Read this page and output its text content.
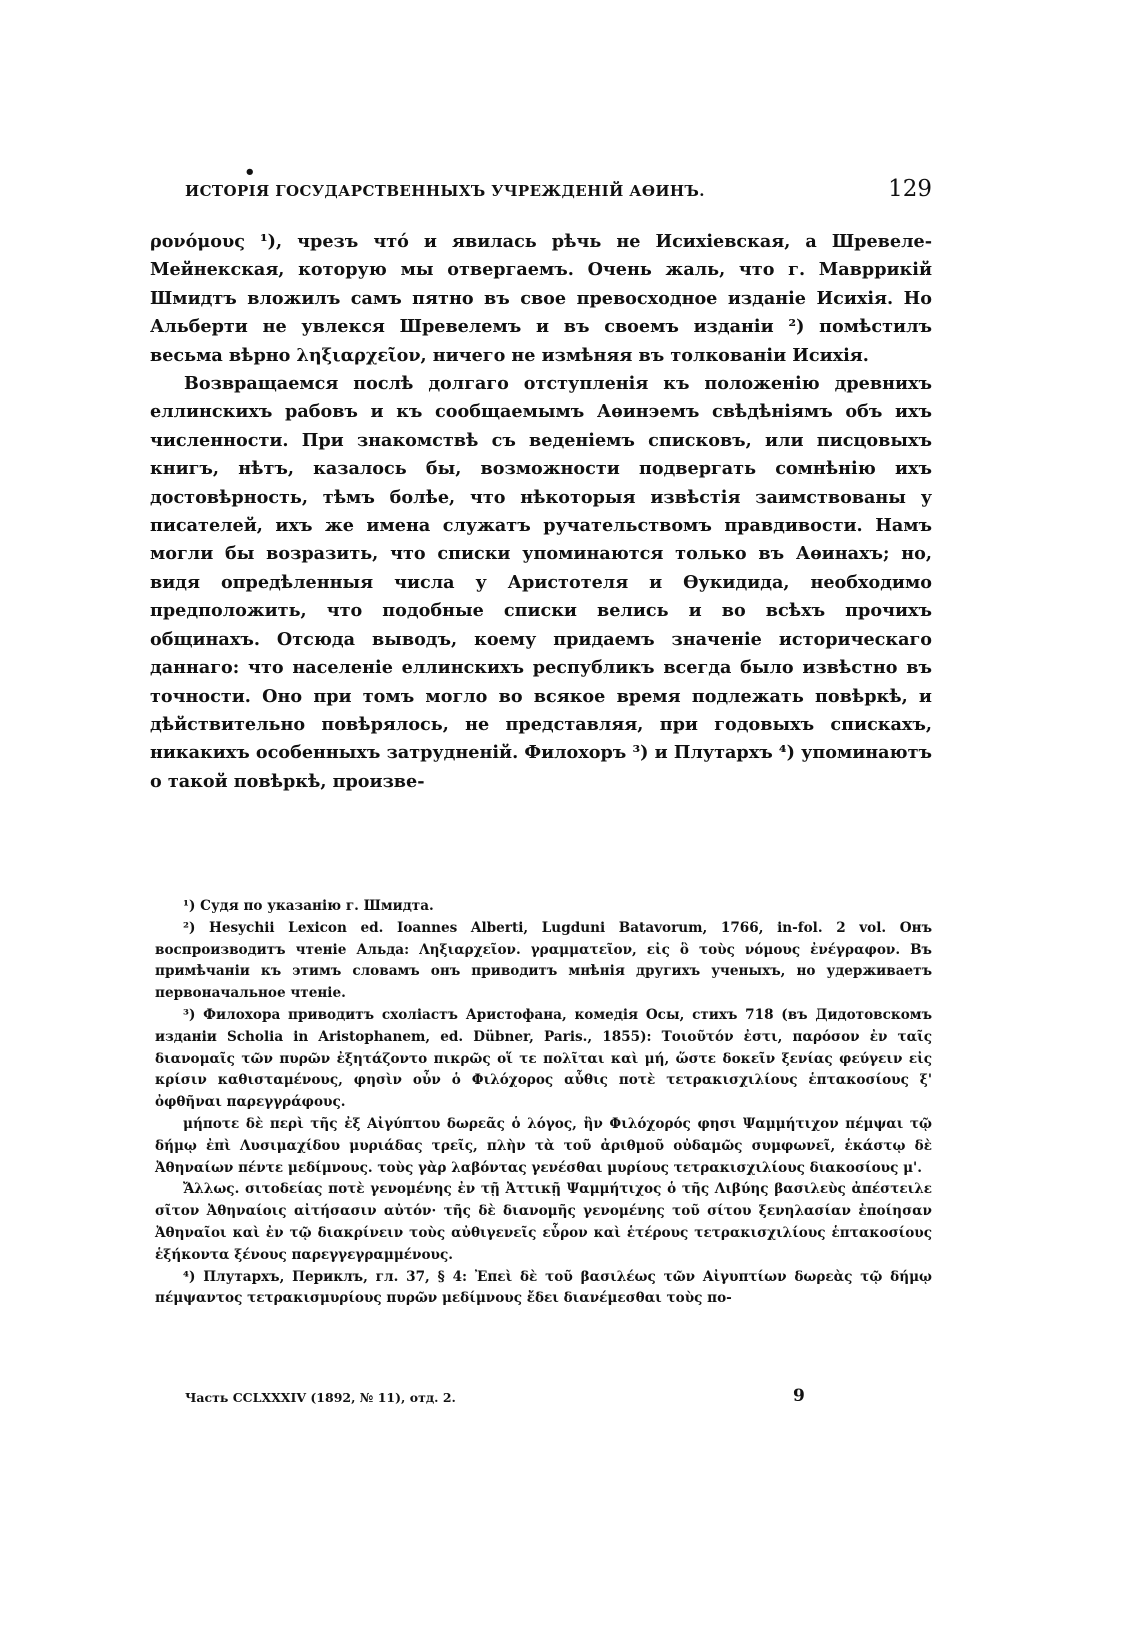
•
ИСТОРІЯ ГОСУДАРСТВЕННЫХЪ УЧРЕЖДЕНІЙ АѲИНЪ.	129

ρονόμους ¹), чрезъ чтó и явилась рѣчь не Исихіевская, а Шревеле-Мейнекская, которую мы отвергаемъ. Очень жаль, что г. Мавррикій Шмидтъ вложилъ самъ пятно въ свое превосходное изданіе Исихія. Но Альберти не увлекся Шревелемъ и въ своемъ изданіи ²) помѣстилъ весьма вѣрно ληξιαρχεῖον, ничего не измѣняя въ толкованіи Исихія.

Возвращаемся послѣ долгаго отступленія къ положенію древнихъ еллинскихъ рабовъ и къ сообщаемымъ Аѳинэемъ свѣдѣніямъ объ ихъ численности. При знакомствѣ съ веденіемъ списковъ, или писцовыхъ книгъ, нѣтъ, казалось бы, возможности подвергать сомнѣнію ихъ достовѣрность, тѣмъ болѣе, что нѣкоторыя извѣстія заимствованы у писателей, ихъ же имена служатъ ручательствомъ правдивости. Намъ могли бы возразить, что списки упоминаются только въ Аѳинахъ; но, видя опредѣленныя числа у Аристотеля и Ѳукидида, необходимо предположить, что подобные списки велись и во всѣхъ прочихъ общинахъ. Отсюда выводъ, коему придаемъ значеніе историческаго даннаго: что населеніе еллинскихъ республикъ всегда было извѣстно въ точности. Оно при томъ могло во всякое время подлежать повѣркѣ, и дѣйствительно повѣрялось, не представляя, при годовыхъ спискахъ, никакихъ особенныхъ затрудненій. Филохоръ ³) и Плутархъ ⁴) упоминаютъ о такой повѣркѣ, произве-

¹) Судя по указанію г. Шмидта.

²) Hesychii Lexicon ed. Ioannes Alberti, Lugduni Batavorum, 1766, in-fol. 2 vol. Онъ воспроизводитъ чтеніе Альда: Ληξιαρχεῖον. γραμματεῖον, εἰς ὃ τοὺς νόμους ἐνέγραφον. Въ примѣчаніи къ этимъ словамъ онъ приводитъ мнѣнія другихъ ученыхъ, но удерживаетъ первоначальное чтеніе.

³) Филохора приводитъ схоліастъ Аристофана, комедія Осы, стихъ 718 (въ Дидотовскомъ изданіи Scholia in Aristophanem, ed. Dübner, Paris., 1855): Τοιοῦτόν ἐστι, παρόσον ἐν ταῖς διανομαῖς τῶν πυρῶν ἐξητάζοντο πικρῶς οἵ τε πολῖται καὶ μή, ὥστε δοκεῖν ξενίας φεύγειν εἰς κρίσιν καθισταμένους, φησὶν οὖν ὁ Φιλόχορος αὖθις ποτὲ τετρακισχιλίους ἑπτακοσίους ξ' ὀφθῆναι παρεγγράφους.

μήποτε δὲ περὶ τῆς ἐξ Αἰγύπτου δωρεᾶς ὁ λόγος, ἣν Φιλόχορός φησι Ψαμμήτιχον πέμψαι τῷ δήμῳ ἐπὶ Λυσιμαχίδου μυριάδας τρεῖς, πλὴν τὰ τοῦ ἀριθμοῦ οὐδαμῶς συμφωνεῖ, ἑκάστῳ δὲ Ἀθηναίων πέντε μεδίμνους. τοὺς γὰρ λαβόντας γενέσθαι μυρίους τετρακισχιλίους διακοσίους μ'.

Ἄλλως. σιτοδείας ποτὲ γενομένης ἐν τῇ Ἀττικῇ Ψαμμήτιχος ὁ τῆς Λιβύης βασιλεὺς ἀπέστειλε σῖτον Ἀθηναίοις αἰτήσασιν αὐτόν· τῆς δὲ διανομῆς γενομένης τοῦ σίτου ξενηλασίαν ἐποίησαν Ἀθηναῖοι καὶ ἐν τῷ διακρίνειν τοὺς αὐθιγενεῖς εὗρον καὶ ἑτέρους τετρακισχιλίους ἑπτακοσίους ἑξήκοντα ξένους παρεγγεγραμμένους.

⁴) Плутархъ, Периклъ, гл. 37, § 4: Ἐπεὶ δὲ τοῦ βασιλέως τῶν Αἰγυπτίων δωρεὰς τῷ δήμῳ πέμψαντος τετρακισμυρίους πυρῶν μεδίμνους ἔδει διανέμεσθαι τοὺς πο-

Часть CCLXXXIV (1892, № 11), отд. 2.	9
